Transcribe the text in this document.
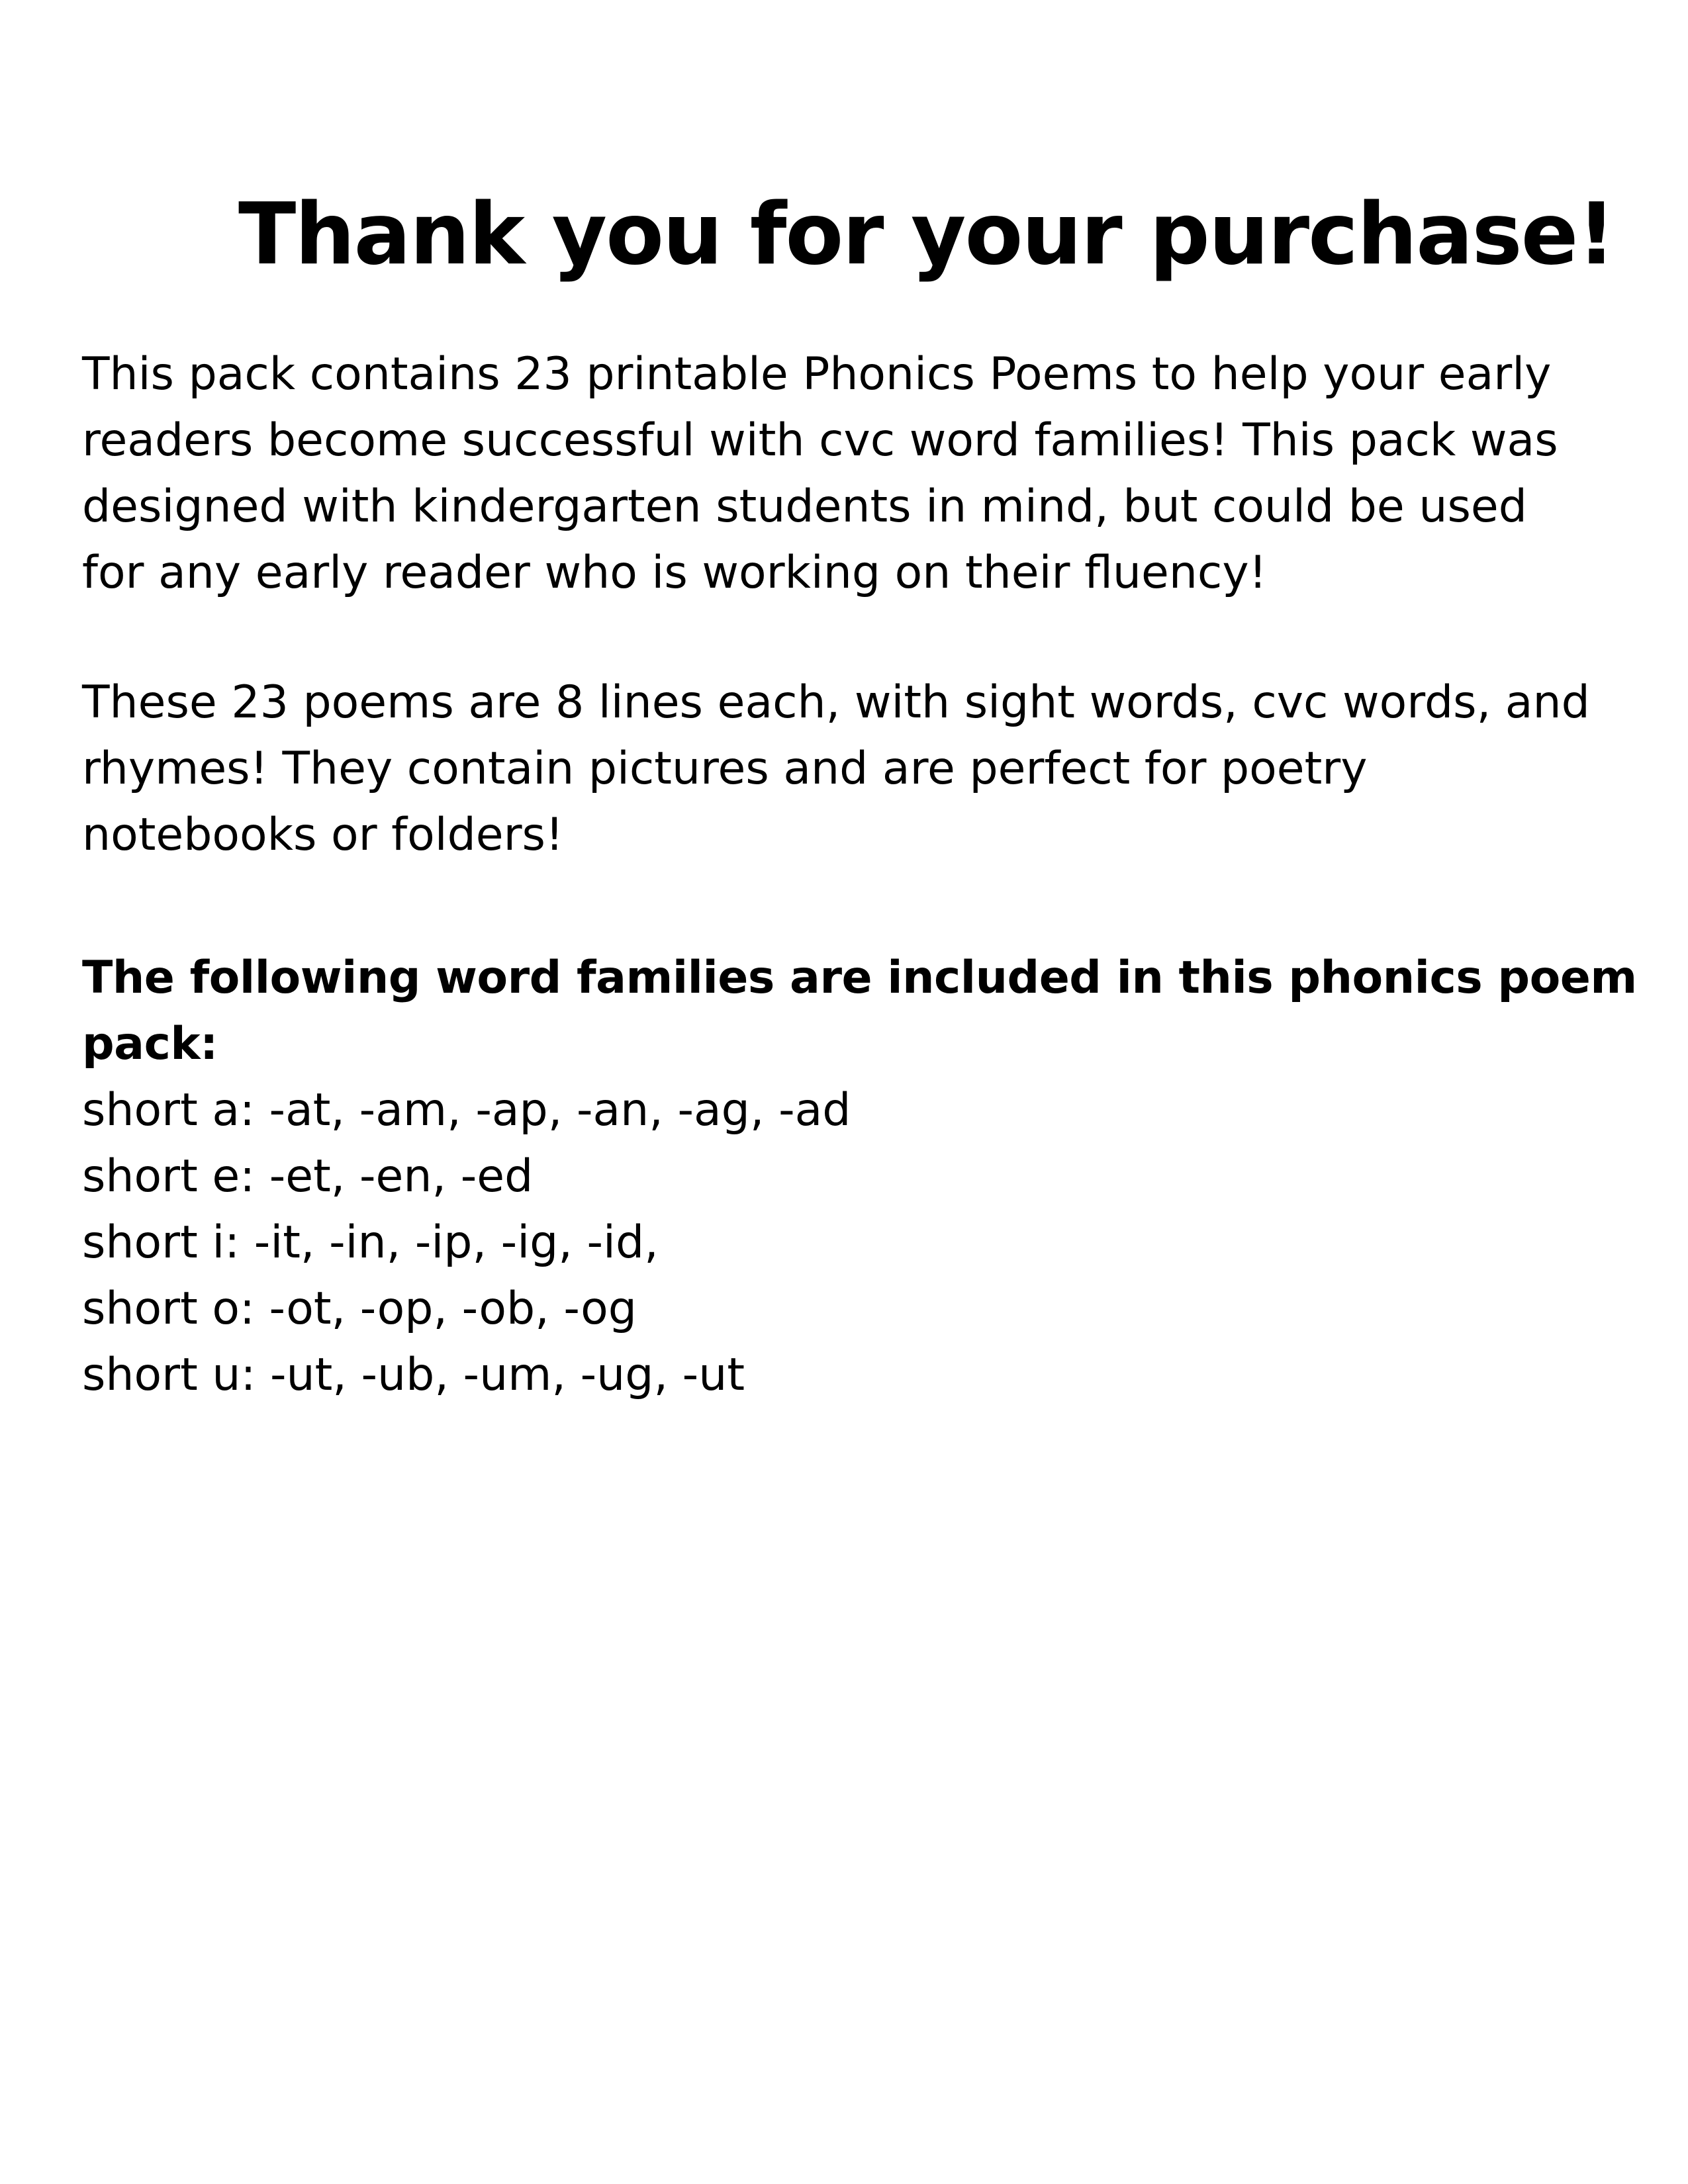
Thank you for your purchase!

This pack contains 23 printable Phonics Poems to help your early
readers become successful with cvc word families! This pack was
designed with kindergarten students in mind, but could be used
for any early reader who is working on their fluency!

These 23 poems are 8 lines each, with sight words, cvc words, and
rhymes! They contain pictures and are perfect for poetry
notebooks or folders!

The following word families are included in this phonics poem
pack:

short a: -at, -am, -ap, -an, -ag, -ad
short e: -et, -en, -ed
short i: -it, -in, -ip, -ig, -id,
short o: -ot, -op, -ob, -og
short u: -ut, -ub, -um, -ug, -ut
